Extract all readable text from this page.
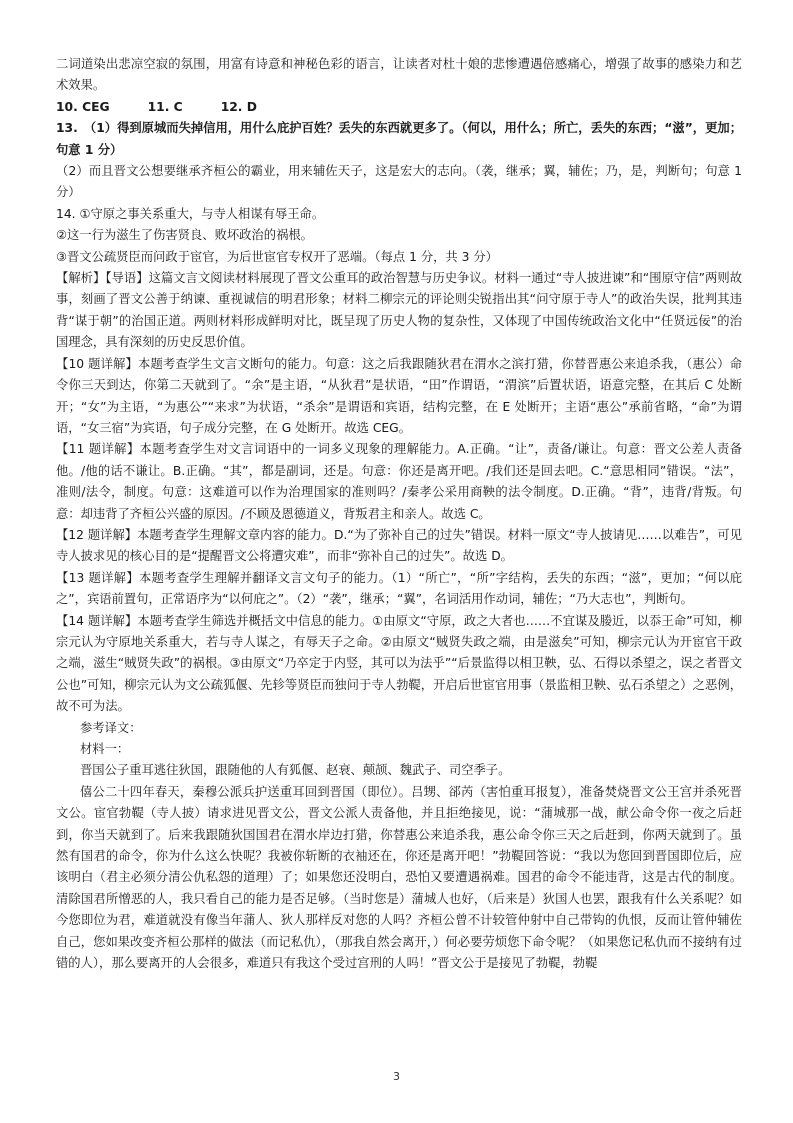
二词道染出悲凉空寂的氛围，用富有诗意和神秘色彩的语言，让读者对杜十娘的悲惨遭遇倍感痛心，增强了故事的感染力和艺术效果。

10. CEG	11. C	12. D

13.　（1）得到原城而失掉信用，用什么庇护百姓？丢失的东西就更多了。（何以，用什么；所亡，丢失的东西；“滋”，更加；句意 1 分）

（2）而且晋文公想要继承齐桓公的霸业，用来辅佐天子，这是宏大的志向。（袭，继承；翼，辅佐；乃，是，判断句；句意 1 分）

14. ①守原之事关系重大，与寺人相谋有辱王命。

②这一行为滋生了伤害贤良、败坏政治的祸根。

③晋文公疏贤臣而问政于宦官，为后世宦官专权开了恶端。（每点 1 分，共 3 分）

【解析】【导语】这篇文言文阅读材料展现了晋文公重耳的政治智慧与历史争议。材料一通过“寺人披进谏”和“围原守信”两则故事，刻画了晋文公善于纳谏、重视诚信的明君形象；材料二柳宗元的评论则尖锐指出其“问守原于寺人”的政治失误，批判其违背“谋于朝”的治国正道。两则材料形成鲜明对比，既呈现了历史人物的复杂性，又体现了中国传统政治文化中“任贤远佞”的治国理念，具有深刻的历史反思价值。

【10 题详解】本题考查学生文言文断句的能力。句意：这之后我跟随狄君在渭水之滨打猎，你替晋惠公来追杀我，（惠公）命令你三天到达，你第二天就到了。“余”是主语，“从狄君”是状语，“田”作谓语，“渭滨”后置状语，语意完整，在其后 C 处断开；“女”为主语，“为惠公”“来求”为状语，“杀余”是谓语和宾语，结构完整，在 E 处断开；主语“惠公”承前省略，“命”为谓语，“女三宿”为宾语，句子成分完整，在 G 处断开。故选 CEG。

【11 题详解】本题考查学生对文言词语中的一词多义现象的理解能力。A.正确。“让”，责备/谦让。句意：晋文公差人责备他。/他的话不谦让。B.正确。“其”，都是副词，还是。句意：你还是离开吧。/我们还是回去吧。C.“意思相同”错误。“法”，准则/法令，制度。句意：这难道可以作为治理国家的准则吗？/秦孝公采用商鞅的法令制度。D.正确。“背”，违背/背叛。句意：却违背了齐桓公兴盛的原因。/不顾及恩德道义，背叛君主和亲人。故选 C。

【12 题详解】本题考查学生理解文章内容的能力。D.“为了弥补自己的过失”错误。材料一原文“寺人披请见……以难告”，可见寺人披求见的核心目的是“提醒晋文公将遭灾难”，而非“弥补自己的过失”。故选 D。

【13 题详解】本题考查学生理解并翻译文言文句子的能力。（1）“所亡”，“所”字结构，丢失的东西；“滋”，更加；“何以庇之”，宾语前置句，正常语序为“以何庇之”。（2）“袭”，继承；“翼”，名词活用作动词，辅佐；“乃大志也”，判断句。

【14 题详解】本题考查学生筛选并概括文中信息的能力。①由原文“守原，政之大者也……不宜谋及媵近，以忝王命”可知，柳宗元认为守原地关系重大，若与寺人谋之，有辱天子之命。②由原文“贼贤失政之端，由是滋矣”可知，柳宗元认为开宦官干政之端，滋生“贼贤失政”的祸根。③由原文“乃卒定于内竖，其可以为法乎”“后景监得以相卫鞅，弘、石得以杀望之，误之者晋文公也”可知，柳宗元认为文公疏狐偃、先轸等贤臣而独问于寺人勃鞮，开启后世宦官用事（景监相卫鞅、弘石杀望之）之恶例，故不可为法。

参考译文：

材料一：

晋国公子重耳逃往狄国，跟随他的人有狐偃、赵衰、颠颉、魏武子、司空季子。

僖公二十四年春天，秦穆公派兵护送重耳回到晋国（即位）。吕甥、郤芮（害怕重耳报复），准备焚烧晋文公王宫并杀死晋文公。宦官勃鞮（寺人披）请求进见晋文公，晋文公派人责备他，并且拒绝接见，说：“蒲城那一战，献公命令你一夜之后赶到，你当天就到了。后来我跟随狄国国君在渭水岸边打猎，你替惠公来追杀我，惠公命令你三天之后赶到，你两天就到了。虽然有国君的命令，你为什么这么快呢？我被你斩断的衣袖还在，你还是离开吧！”勃鞮回答说：“我以为您回到晋国即位后，应该明白（君主必须分清公仇私怨的道理）了；如果您还没明白，恐怕又要遭遇祸难。国君的命令不能违背，这是古代的制度。清除国君所憎恶的人，我只看自己的能力是否足够。（当时您是）蒲城人也好，（后来是）狄国人也罢，跟我有什么关系呢？如今您即位为君，难道就没有像当年蒲人、狄人那样反对您的人吗？齐桓公曾不计较管仲射中自己带钩的仇恨，反而让管仲辅佐自己，您如果改变齐桓公那样的做法（而记私仇），（那我自然会离开，）何必要劳烦您下命令呢？（如果您记私仇而不接纳有过错的人），那么要离开的人会很多，难道只有我这个受过宫刑的人吗！”晋文公于是接见了勃鞮，勃鞮

3
